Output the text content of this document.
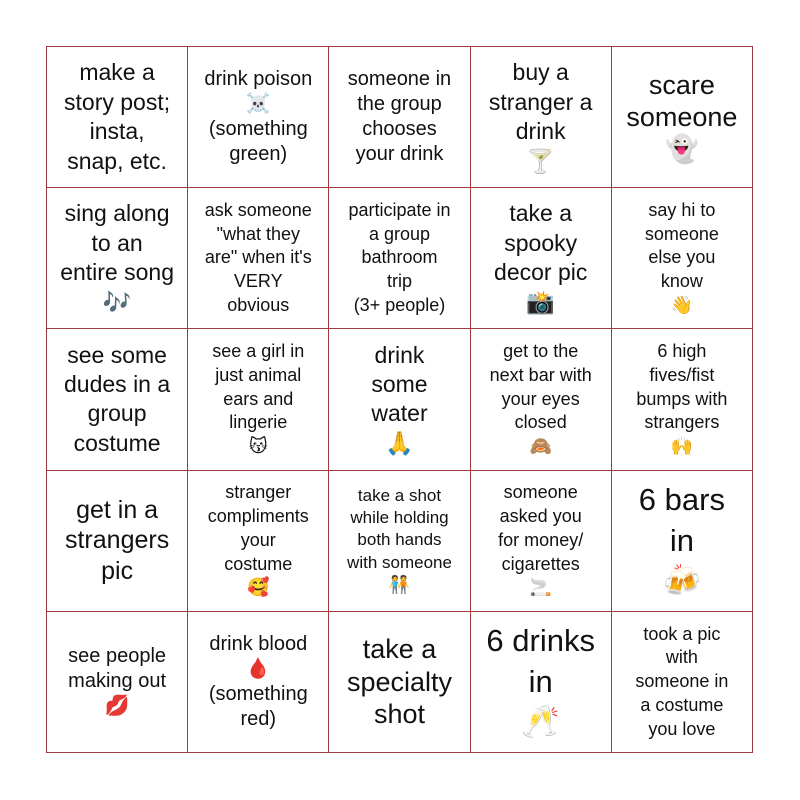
make a
story post;
insta,
snap, etc.
drink poison
☠️
(something
green)
someone in
the group
chooses
your drink
buy a
stranger a
drink
🍸
scare
someone
👻
sing along
to an
entire song
🎶
ask someone
"what they
are" when it's
VERY
obvious
participate in
a group
bathroom
trip
(3+ people)
take a
spooky
decor pic
📸
say hi to
someone
else you
know
👋
see some
dudes in a
group
costume
see a girl in
just animal
ears and
lingerie
😽
drink
some
water
🙏
get to the
next bar with
your eyes
closed
🙈
6 high
fives/fist
bumps with
strangers
🙌
get in a
strangers
pic
stranger
compliments
your
costume
🥰
take a shot
while holding
both hands
with someone
🧑‍🤝‍🧑
someone
asked you
for money/
cigarettes
🚬
6 bars
in
🍻
see people
making out
💋
drink blood
🩸
(something
red)
take a
specialty
shot
6 drinks
in
🥂
took a pic
with
someone in
a costume
you love
